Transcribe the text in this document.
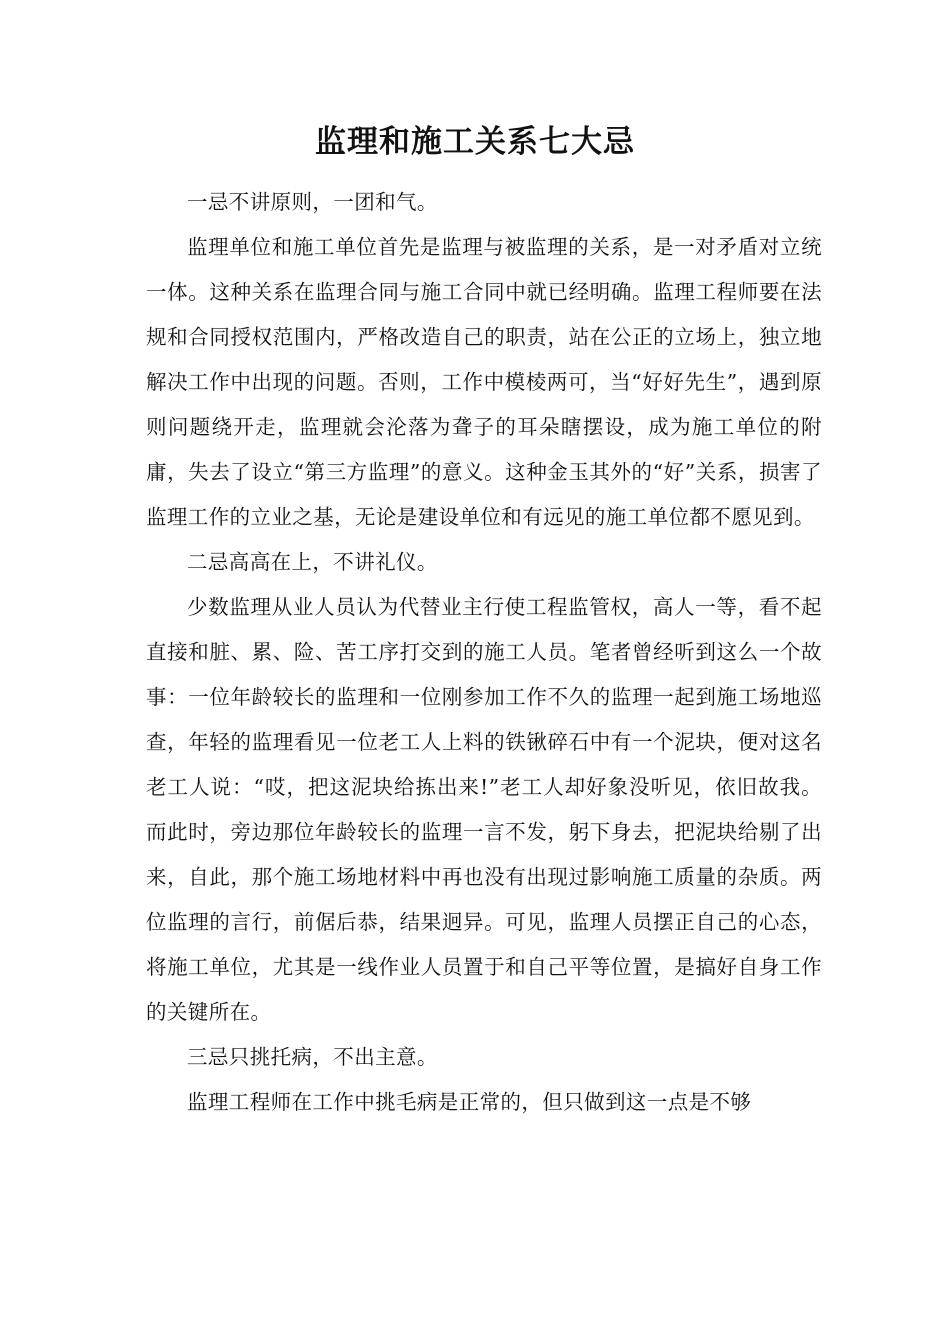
监理和施工关系七大忌

一忌不讲原则，一团和气。

监理单位和施工单位首先是监理与被监理的关系，是一对矛盾对立统一体。这种关系在监理合同与施工合同中就已经明确。监理工程师要在法规和合同授权范围内，严格改造自己的职责，站在公正的立场上，独立地解决工作中出现的问题。否则，工作中模棱两可，当“好好先生”，遇到原则问题绕开走，监理就会沦落为聋子的耳朵瞎摆设，成为施工单位的附庸，失去了设立“第三方监理”的意义。这种金玉其外的“好”关系，损害了监理工作的立业之基，无论是建设单位和有远见的施工单位都不愿见到。

二忌高高在上，不讲礼仪。

少数监理从业人员认为代替业主行使工程监管权，高人一等，看不起直接和脏、累、险、苦工序打交到的施工人员。笔者曾经听到这么一个故事：一位年龄较长的监理和一位刚参加工作不久的监理一起到施工场地巡查，年轻的监理看见一位老工人上料的铁锹碎石中有一个泥块，便对这名老工人说：“哎，把这泥块给拣出来!”老工人却好象没听见，依旧故我。而此时，旁边那位年龄较长的监理一言不发，躬下身去，把泥块给剔了出来，自此，那个施工场地材料中再也没有出现过影响施工质量的杂质。两位监理的言行，前倨后恭，结果迥异。可见，监理人员摆正自己的心态，将施工单位，尤其是一线作业人员置于和自己平等位置，是搞好自身工作的关键所在。

三忌只挑托病，不出主意。

监理工程师在工作中挑毛病是正常的，但只做到这一点是不够
